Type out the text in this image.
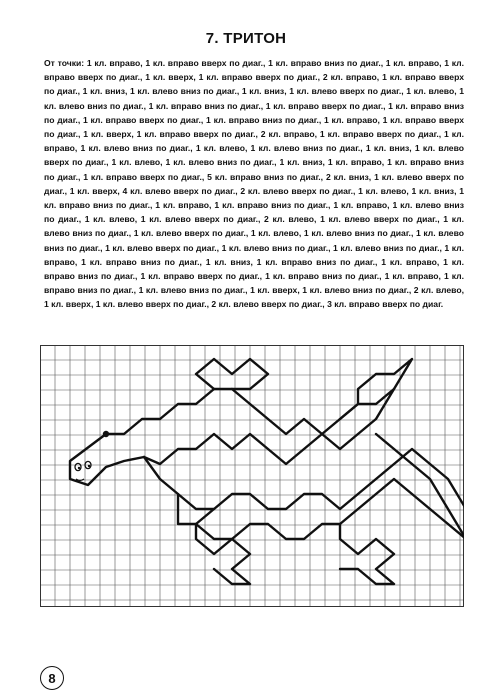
7. ТРИТОН
От точки: 1 кл. вправо, 1 кл. вправо вверх по диаг., 1 кл. вправо вниз по диаг., 1 кл. вправо, 1 кл. вправо вверх по диаг., 1 кл. вверх, 1 кл. вправо вверх по диаг., 2 кл. вправо, 1 кл. вправо вверх по диаг., 1 кл. вниз, 1 кл. влево вниз по диаг., 1 кл. вниз, 1 кл. влево вверх по диаг., 1 кл. влево, 1 кл. влево вниз по диаг., 1 кл. вправо вниз по диаг., 1 кл. вправо вверх по диаг., 1 кл. вправо вниз по диаг., 1 кл. вправо вверх по диаг., 1 кл. вправо вниз по диаг., 1 кл. вправо, 1 кл. вправо вверх по диаг., 1 кл. вверх, 1 кл. вправо вверх по диаг., 2 кл. вправо, 1 кл. вправо вверх по диаг., 1 кл. вправо, 1 кл. влево вниз по диаг., 1 кл. влево, 1 кл. влево вниз по диаг., 1 кл. вниз, 1 кл. влево вверх по диаг., 1 кл. влево, 1 кл. влево вниз по диаг., 1 кл. вниз, 1 кл. вправо, 1 кл. вправо вниз по диаг., 1 кл. вправо вверх по диаг., 5 кл. вправо вниз по диаг., 2 кл. вниз, 1 кл. влево вверх по диаг., 1 кл. вверх, 4 кл. влево вверх по диаг., 2 кл. влево вверх по диаг., 1 кл. влево, 1 кл. вниз, 1 кл. вправо вниз по диаг., 1 кл. вправо, 1 кл. вправо вниз по диаг., 1 кл. вправо, 1 кл. влево вниз по диаг., 1 кл. влево, 1 кл. влево вверх по диаг., 2 кл. влево, 1 кл. влево вверх по диаг., 1 кл. влево вниз по диаг., 1 кл. влево вверх по диаг., 1 кл. влево, 1 кл. влево вниз по диаг., 1 кл. влево вниз по диаг., 1 кл. влево вверх по диаг., 1 кл. влево вниз по диаг., 1 кл. влево вниз по диаг., 1 кл. вправо, 1 кл. вправо вниз по диаг., 1 кл. вниз, 1 кл. вправо вниз по диаг., 1 кл. вправо, 1 кл. вправо вниз по диаг., 1 кл. вправо вверх по диаг., 1 кл. вправо вниз по диаг., 1 кл. вправо, 1 кл. вправо вниз по диаг., 1 кл. влево вниз по диаг., 1 кл. вверх, 1 кл. влево вниз по диаг., 2 кл. влево, 1 кл. вверх, 1 кл. влево вверх по диаг., 2 кл. влево вверх по диаг., 3 кл. вправо вверх по диаг.
8
